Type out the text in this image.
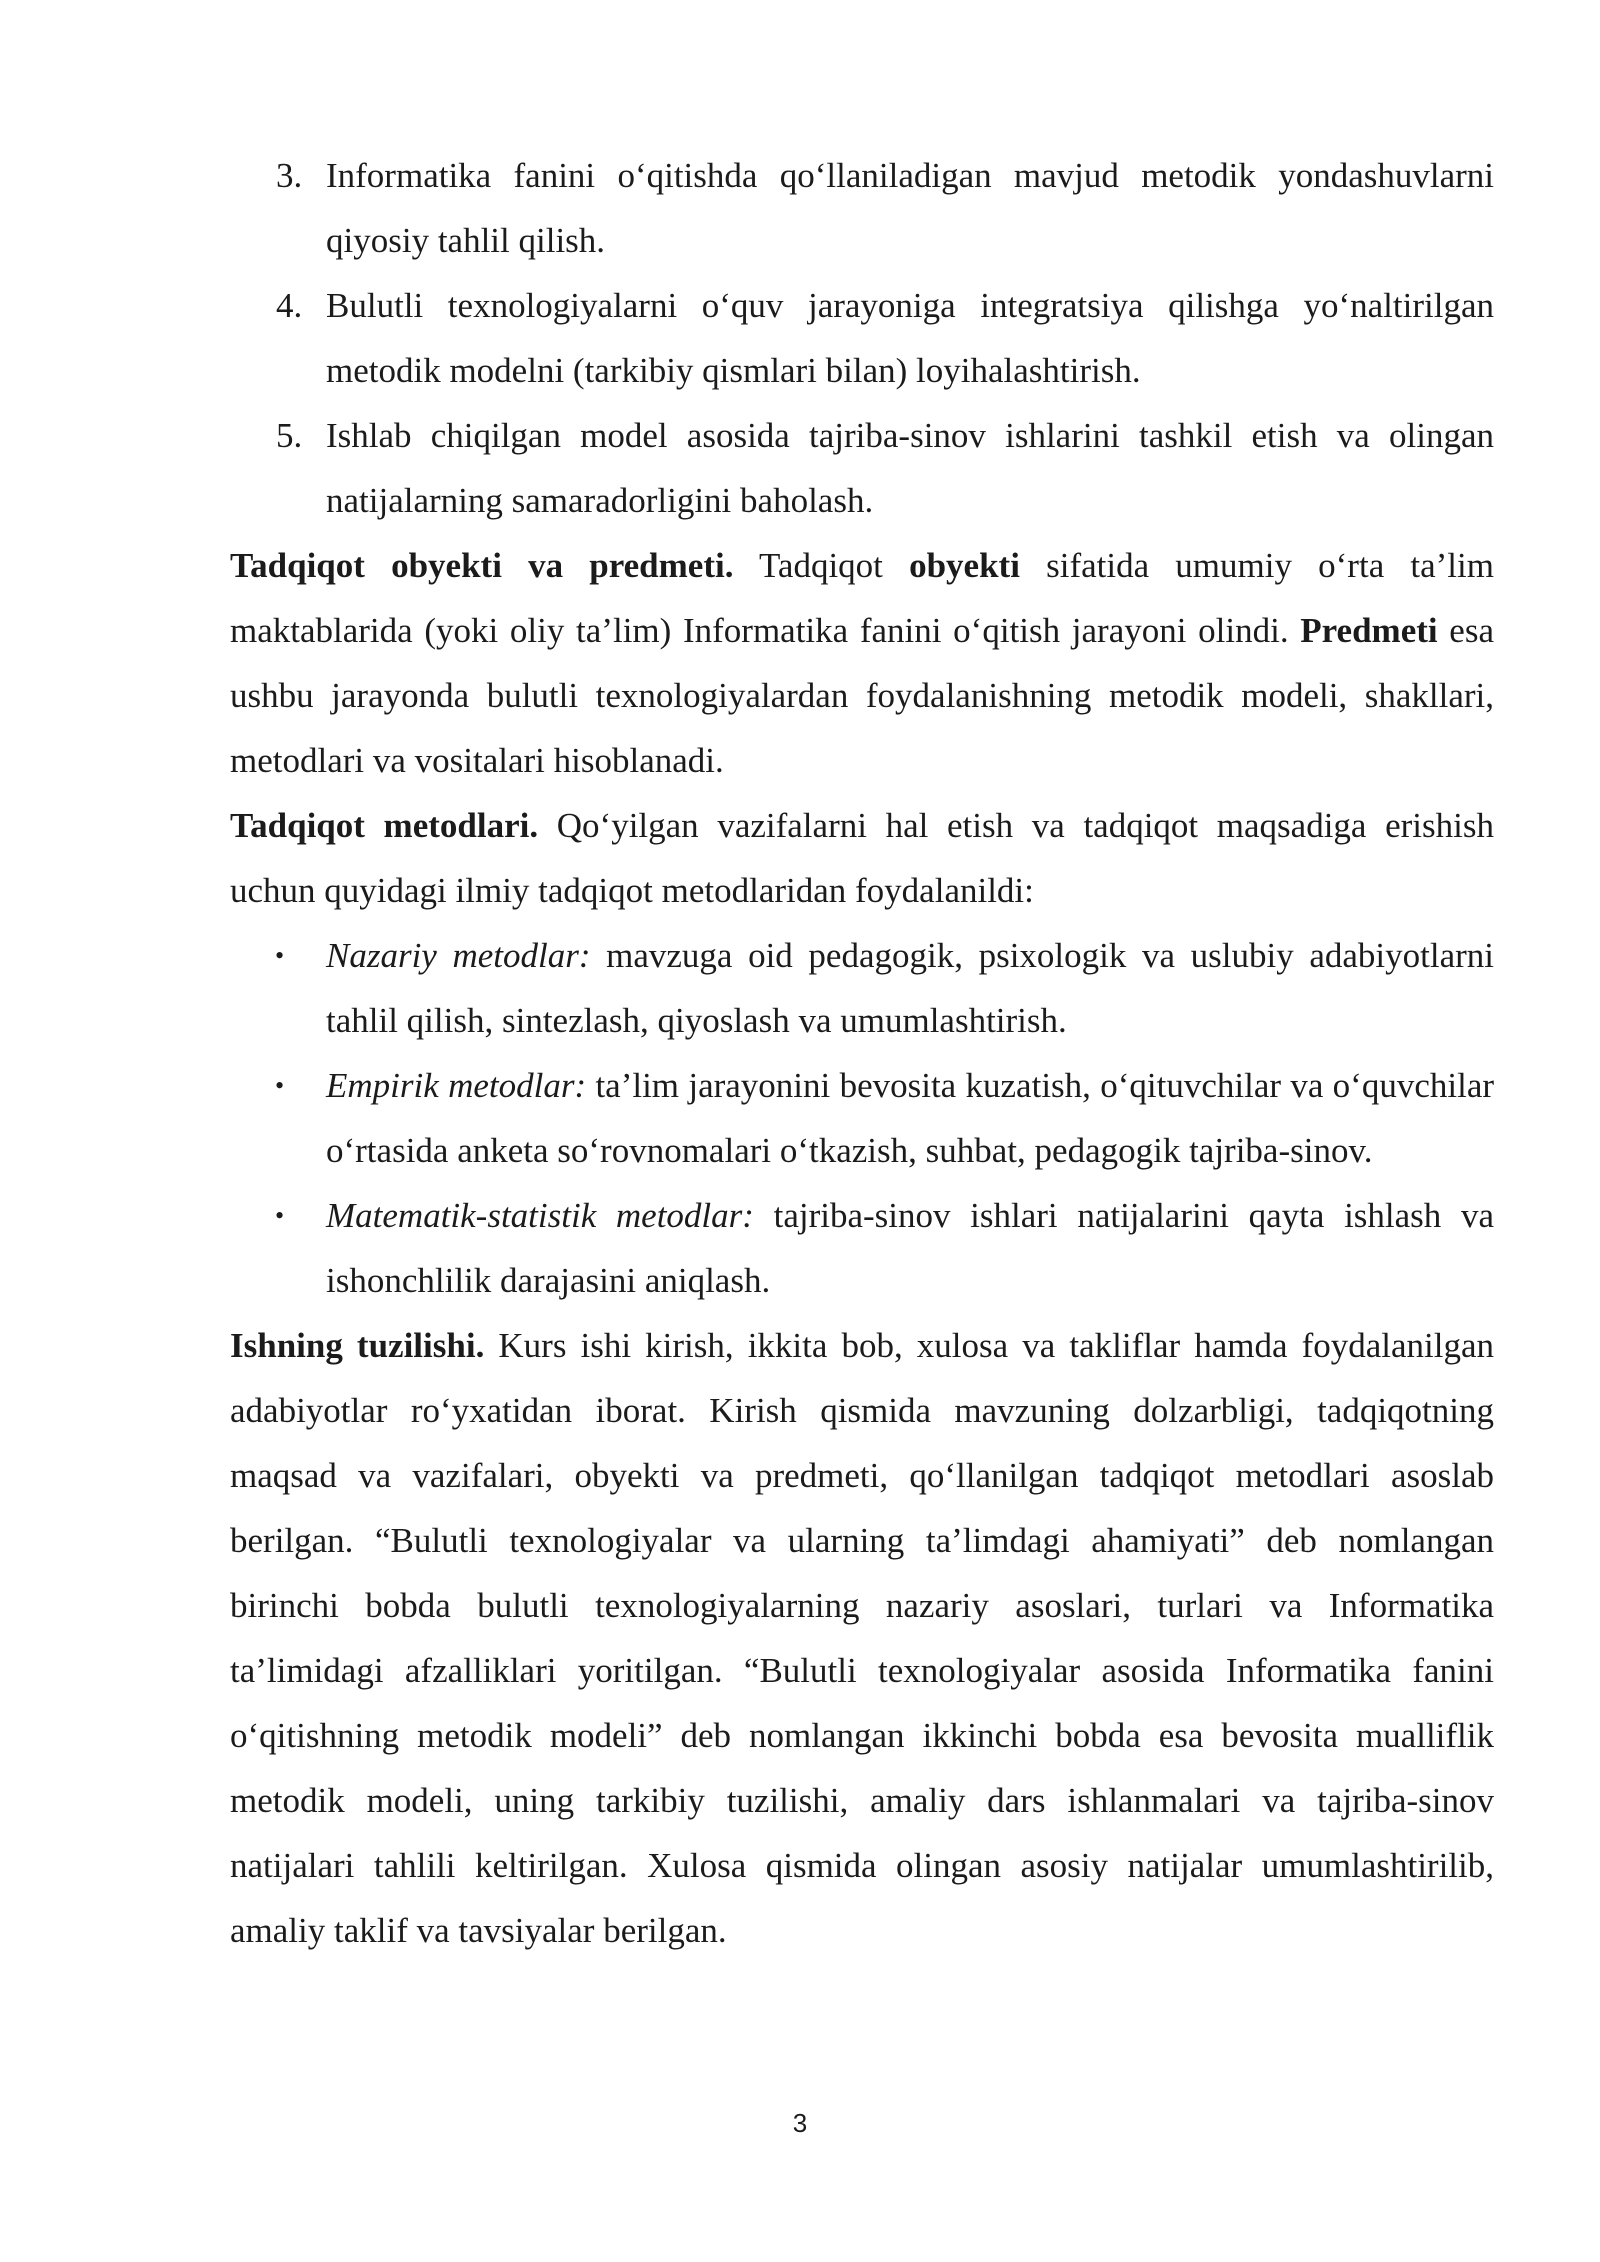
3. Informatika fanini o‘qitishda qo‘llaniladigan mavjud metodik yondashuvlarni qiyosiy tahlil qilish.
4. Bulutli texnologiyalarni o‘quv jarayoniga integratsiya qilishga yo‘naltirilgan metodik modelni (tarkibiy qismlari bilan) loyihalashtirish.
5. Ishlab chiqilgan model asosida tajriba-sinov ishlarini tashkil etish va olingan natijalarning samaradorligini baholash.

Tadqiqot obyekti va predmeti. Tadqiqot obyekti sifatida umumiy o‘rta ta’lim maktablarida (yoki oliy ta’lim) Informatika fanini o‘qitish jarayoni olindi. Predmeti esa ushbu jarayonda bulutli texnologiyalardan foydalanishning metodik modeli, shakllari, metodlari va vositalari hisoblanadi.

Tadqiqot metodlari. Qo‘yilgan vazifalarni hal etish va tadqiqot maqsadiga erishish uchun quyidagi ilmiy tadqiqot metodlaridan foydalanildi:

• Nazariy metodlar: mavzuga oid pedagogik, psixologik va uslubiy adabiyotlarni tahlil qilish, sintezlash, qiyoslash va umumlashtirish.
• Empirik metodlar: ta’lim jarayonini bevosita kuzatish, o‘qituvchilar va o‘quvchilar o‘rtasida anketa so‘rovnomalari o‘tkazish, suhbat, pedagogik tajriba-sinov.
• Matematik-statistik metodlar: tajriba-sinov ishlari natijalarini qayta ishlash va ishonchlilik darajasini aniqlash.

Ishning tuzilishi. Kurs ishi kirish, ikkita bob, xulosa va takliflar hamda foydalanilgan adabiyotlar ro‘yxatidan iborat. Kirish qismida mavzuning dolzarbligi, tadqiqotning maqsad va vazifalari, obyekti va predmeti, qo‘llanilgan tadqiqot metodlari asoslab berilgan. “Bulutli texnologiyalar va ularning ta’limdagi ahamiyati” deb nomlangan birinchi bobda bulutli texnologiyalarning nazariy asoslari, turlari va Informatika ta’limidagi afzalliklari yoritilgan. “Bulutli texnologiyalar asosida Informatika fanini o‘qitishning metodik modeli” deb nomlangan ikkinchi bobda esa bevosita mualliflik metodik modeli, uning tarkibiy tuzilishi, amaliy dars ishlanmalari va tajriba-sinov natijalari tahlili keltirilgan. Xulosa qismida olingan asosiy natijalar umumlashtirilib, amaliy taklif va tavsiyalar berilgan.

3
